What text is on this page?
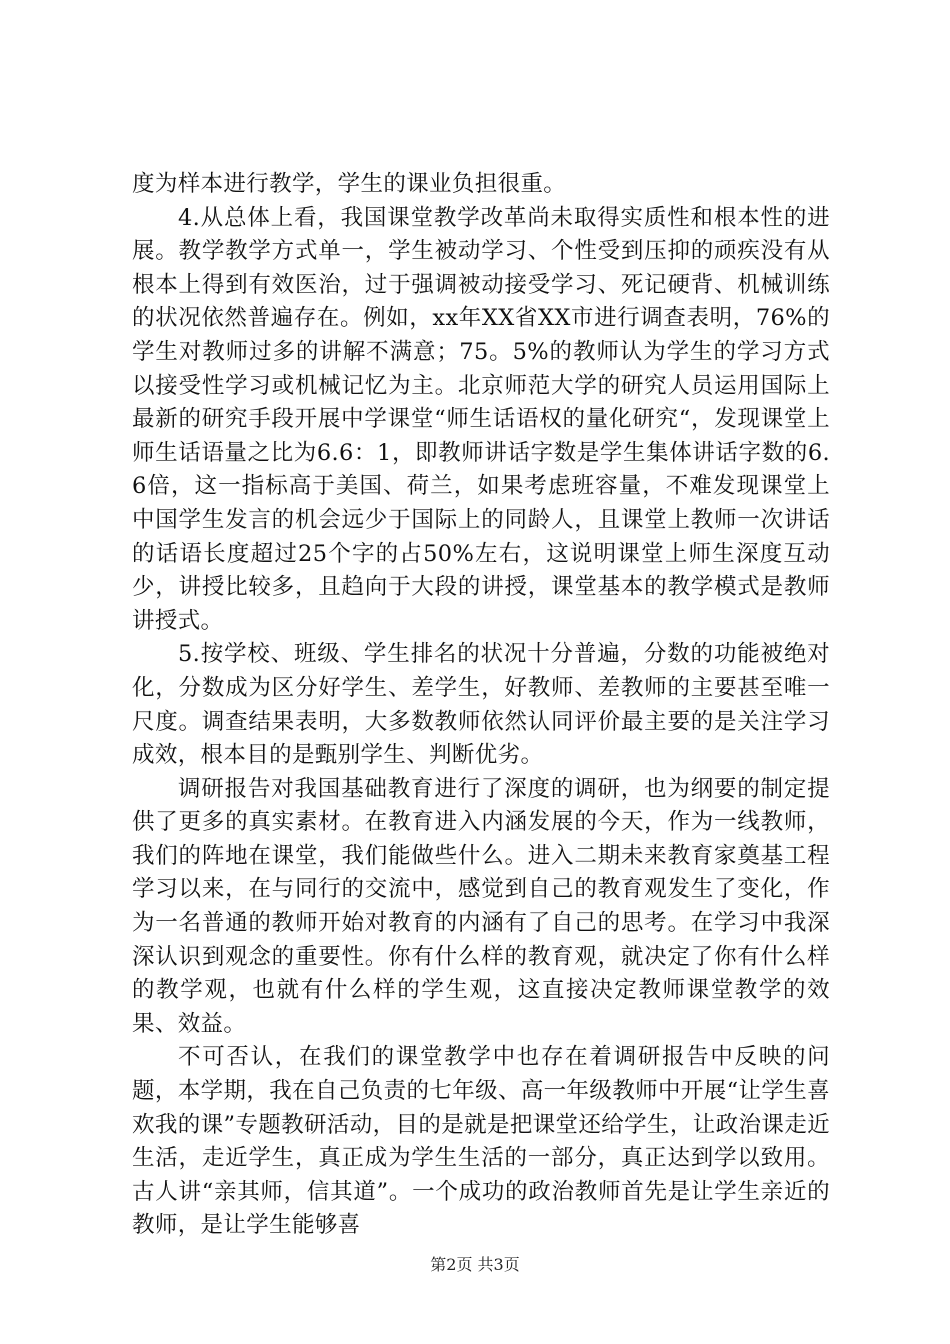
度为样本进行教学，学生的课业负担很重。

4.从总体上看，我国课堂教学改革尚未取得实质性和根本性的进展。教学教学方式单一，学生被动学习、个性受到压抑的顽疾没有从根本上得到有效医治，过于强调被动接受学习、死记硬背、机械训练的状况依然普遍存在。例如，xx年XX省XX市进行调查表明，76%的学生对教师过多的讲解不满意；75。5%的教师认为学生的学习方式以接受性学习或机械记忆为主。北京师范大学的研究人员运用国际上最新的研究手段开展中学课堂“师生话语权的量化研究“，发现课堂上师生话语量之比为6.6：1，即教师讲话字数是学生集体讲话字数的6.6倍，这一指标高于美国、荷兰，如果考虑班容量，不难发现课堂上中国学生发言的机会远少于国际上的同龄人，且课堂上教师一次讲话的话语长度超过25个字的占50%左右，这说明课堂上师生深度互动少，讲授比较多，且趋向于大段的讲授，课堂基本的教学模式是教师讲授式。

5.按学校、班级、学生排名的状况十分普遍，分数的功能被绝对化，分数成为区分好学生、差学生，好教师、差教师的主要甚至唯一尺度。调查结果表明，大多数教师依然认同评价最主要的是关注学习成效，根本目的是甄别学生、判断优劣。

调研报告对我国基础教育进行了深度的调研，也为纲要的制定提供了更多的真实素材。在教育进入内涵发展的今天，作为一线教师，我们的阵地在课堂，我们能做些什么。进入二期未来教育家奠基工程学习以来，在与同行的交流中，感觉到自己的教育观发生了变化，作为一名普通的教师开始对教育的内涵有了自己的思考。在学习中我深深认识到观念的重要性。你有什么样的教育观，就决定了你有什么样的教学观，也就有什么样的学生观，这直接决定教师课堂教学的效果、效益。

不可否认，在我们的课堂教学中也存在着调研报告中反映的问题，本学期，我在自己负责的七年级、高一年级教师中开展“让学生喜欢我的课”专题教研活动，目的是就是把课堂还给学生，让政治课走近生活，走近学生，真正成为学生生活的一部分，真正达到学以致用。古人讲“亲其师，信其道”。一个成功的政治教师首先是让学生亲近的教师，是让学生能够喜

第2页 共3页
